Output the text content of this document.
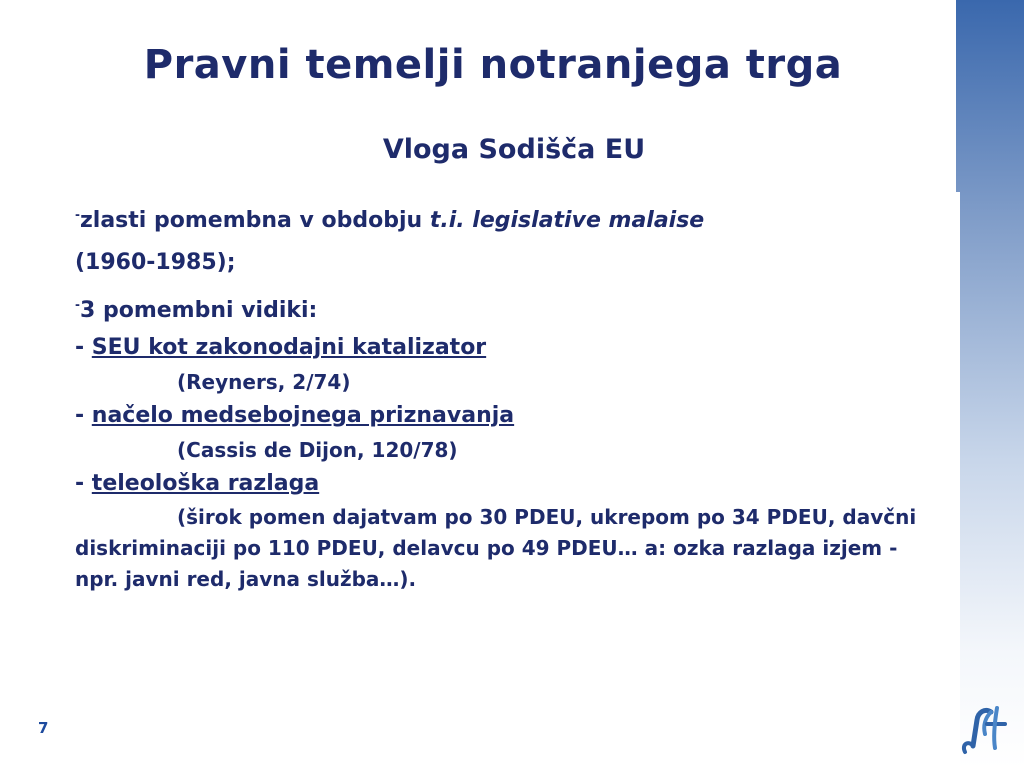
Pravni temelji notranjega trga
Vloga Sodišča EU
-zlasti pomembna v obdobju t.i. legislative malaise
(1960-1985);
-3 pomembni vidiki:
- SEU kot zakonodajni katalizator
(Reyners, 2/74)
- načelo medsebojnega priznavanja
(Cassis de Dijon, 120/78)
- teleološka razlaga
(širok pomen dajatvam po 30 PDEU, ukrepom po 34 PDEU, davčni diskriminaciji po 110 PDEU, delavcu po 49 PDEU… a: ozka razlaga izjem - npr. javni red, javna služba…).
7
